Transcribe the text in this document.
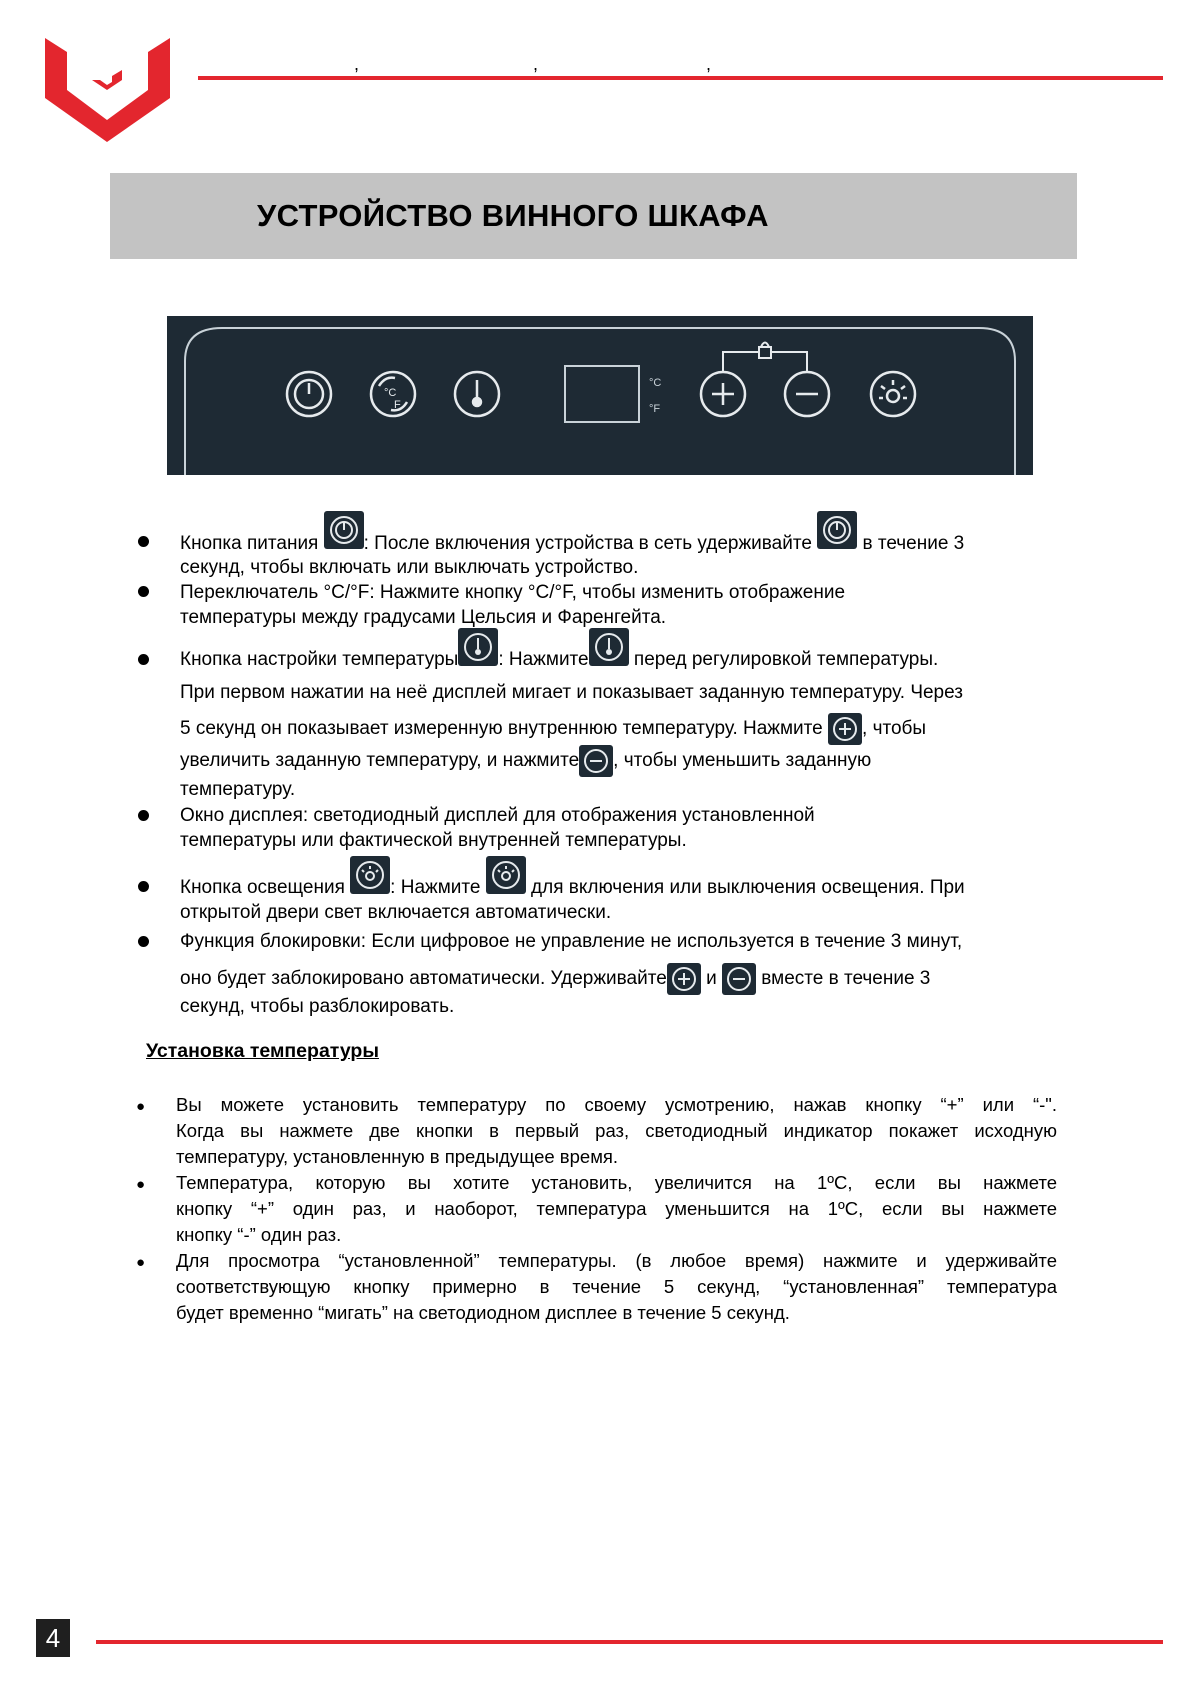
,	,	,
УСТРОЙСТВО ВИННОГО ШКАФА
°C
F
°C
°F
Кнопка питания
: После включения устройства в сеть удерживайте
в течение 3
секунд, чтобы включать или выключать устройство.
Переключатель °C/°F: Нажмите кнопку °C/°F, чтобы изменить отображение
температуры между градусами Цельсия и Фаренгейта.
Кнопка настройки температуры : Нажмите
перед регулировкой температуры.
При первом нажатии на неё дисплей мигает и показывает заданную температуру. Через
5 секунд он показывает измеренную внутреннюю температуру. Нажмите
, чтобы
увеличить заданную температуру, и нажмите , чтобы уменьшить заданную
температуру.
Окно дисплея: светодиодный дисплей для отображения установленной
температуры или фактической внутренней температуры.
Кнопка освещения
: Нажмите
для включения или выключения освещения. При
открытой двери свет включается автоматически.
Функция блокировки: Если цифровое не управление не используется в течение 3 минут,
оно будет заблокировано автоматически. Удерживайте
и
вместе в течение 3
секунд, чтобы разблокировать.
Установка температуры
● Вы можете установить температуру по своему усмотрению, нажав кнопку “+” или “-".
Когда вы нажмете две кнопки в первый раз, светодиодный индикатор покажет исходную
температуру, установленную в предыдущее время.
● Температура, которую вы хотите установить, увеличится на 1ºC, если вы нажмете
кнопку “+” один раз, и наоборот, температура уменьшится на 1ºC, если вы нажмете
кнопку “-” один раз.
● Для просмотра “установленной” температуры. (в любое время) нажмите и удерживайте
соответствующую кнопку примерно в течение 5 секунд, “установленная” температура
будет временно “мигать” на светодиодном дисплее в течение 5 секунд.
4
